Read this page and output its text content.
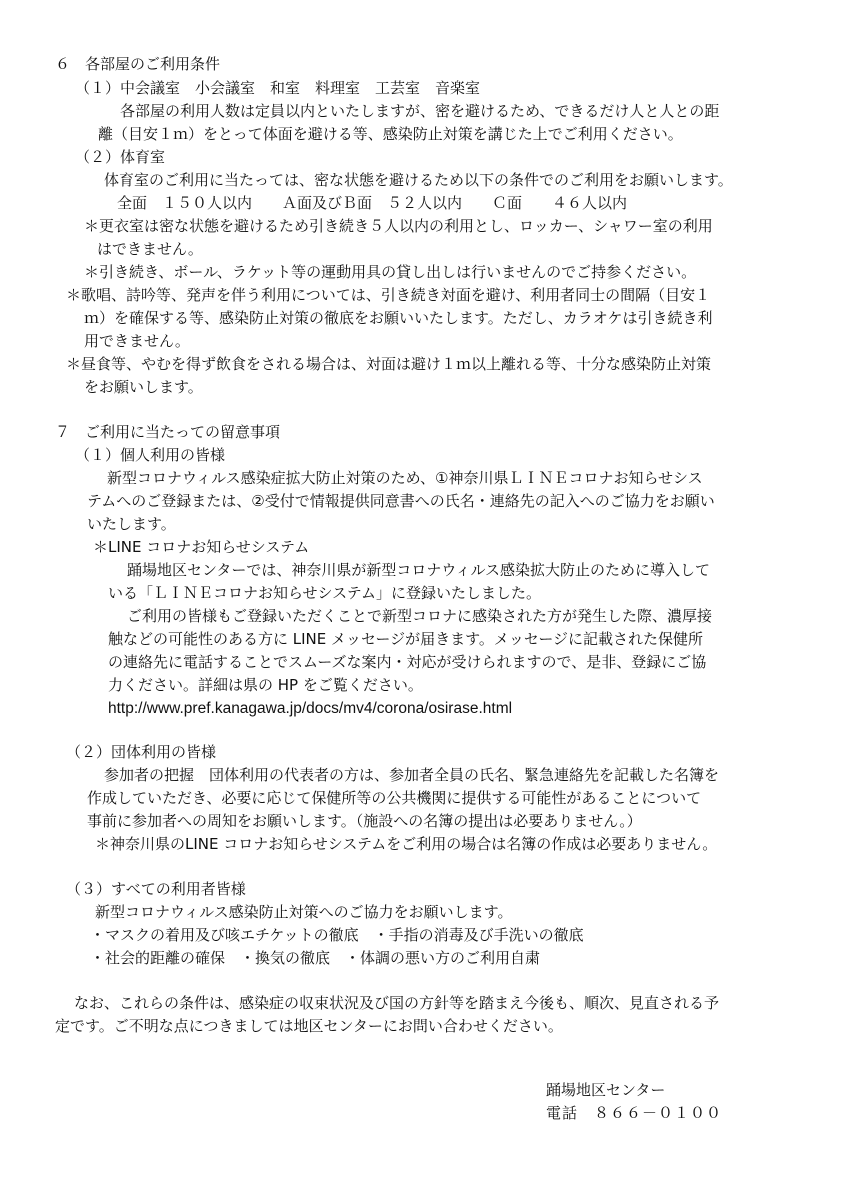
６　各部屋のご利用条件
（１）中会議室　小会議室　和室　料理室　工芸室　音楽室
各部屋の利用人数は定員以内といたしますが、密を避けるため、できるだけ人と人との距
離（目安１ｍ）をとって体面を避ける等、感染防止対策を講じた上でご利用ください。
（２）体育室
体育室のご利用に当たっては、密な状態を避けるため以下の条件でのご利用をお願いします。
全面　１５０人以内　　Ａ面及びＢ面　５２人以内　　Ｃ面　　４６人以内
＊更衣室は密な状態を避けるため引き続き５人以内の利用とし、ロッカー、シャワー室の利用
はできません。
＊引き続き、ボール、ラケット等の運動用具の貸し出しは行いませんのでご持参ください。
＊歌唱、詩吟等、発声を伴う利用については、引き続き対面を避け、利用者同士の間隔（目安１
ｍ）を確保する等、感染防止対策の徹底をお願いいたします。ただし、カラオケは引き続き利
用できません。
＊昼食等、やむを得ず飲食をされる場合は、対面は避け１ｍ以上離れる等、十分な感染防止対策
をお願いします。
７　ご利用に当たっての留意事項
（１）個人利用の皆様
新型コロナウィルス感染症拡大防止対策のため、①神奈川県ＬＩＮＥコロナお知らせシス
テムへのご登録または、②受付で情報提供同意書への氏名・連絡先の記入へのご協力をお願い
いたします。
＊LINE コロナお知らせシステム
踊場地区センターでは、神奈川県が新型コロナウィルス感染拡大防止のために導入して
いる「ＬＩＮＥコロナお知らせシステム」に登録いたしました。
ご利用の皆様もご登録いただくことで新型コロナに感染された方が発生した際、濃厚接
触などの可能性のある方に LINE メッセージが届きます。メッセージに記載された保健所
の連絡先に電話することでスムーズな案内・対応が受けられますので、是非、登録にご協
力ください。詳細は県の HP をご覧ください。
http://www.pref.kanagawa.jp/docs/mv4/corona/osirase.html
（２）団体利用の皆様
参加者の把握　団体利用の代表者の方は、参加者全員の氏名、緊急連絡先を記載した名簿を
作成していただき、必要に応じて保健所等の公共機関に提供する可能性があることについて
事前に参加者への周知をお願いします。（施設への名簿の提出は必要ありません。）
＊神奈川県のLINE コロナお知らせシステムをご利用の場合は名簿の作成は必要ありません。
（３）すべての利用者皆様
新型コロナウィルス感染防止対策へのご協力をお願いします。
・マスクの着用及び咳エチケットの徹底　・手指の消毒及び手洗いの徹底
・社会的距離の確保　・換気の徹底　・体調の悪い方のご利用自粛
なお、これらの条件は、感染症の収束状況及び国の方針等を踏まえ今後も、順次、見直される予
定です。ご不明な点につきましては地区センターにお問い合わせください。
踊場地区センター
電話　８６６－０１００
